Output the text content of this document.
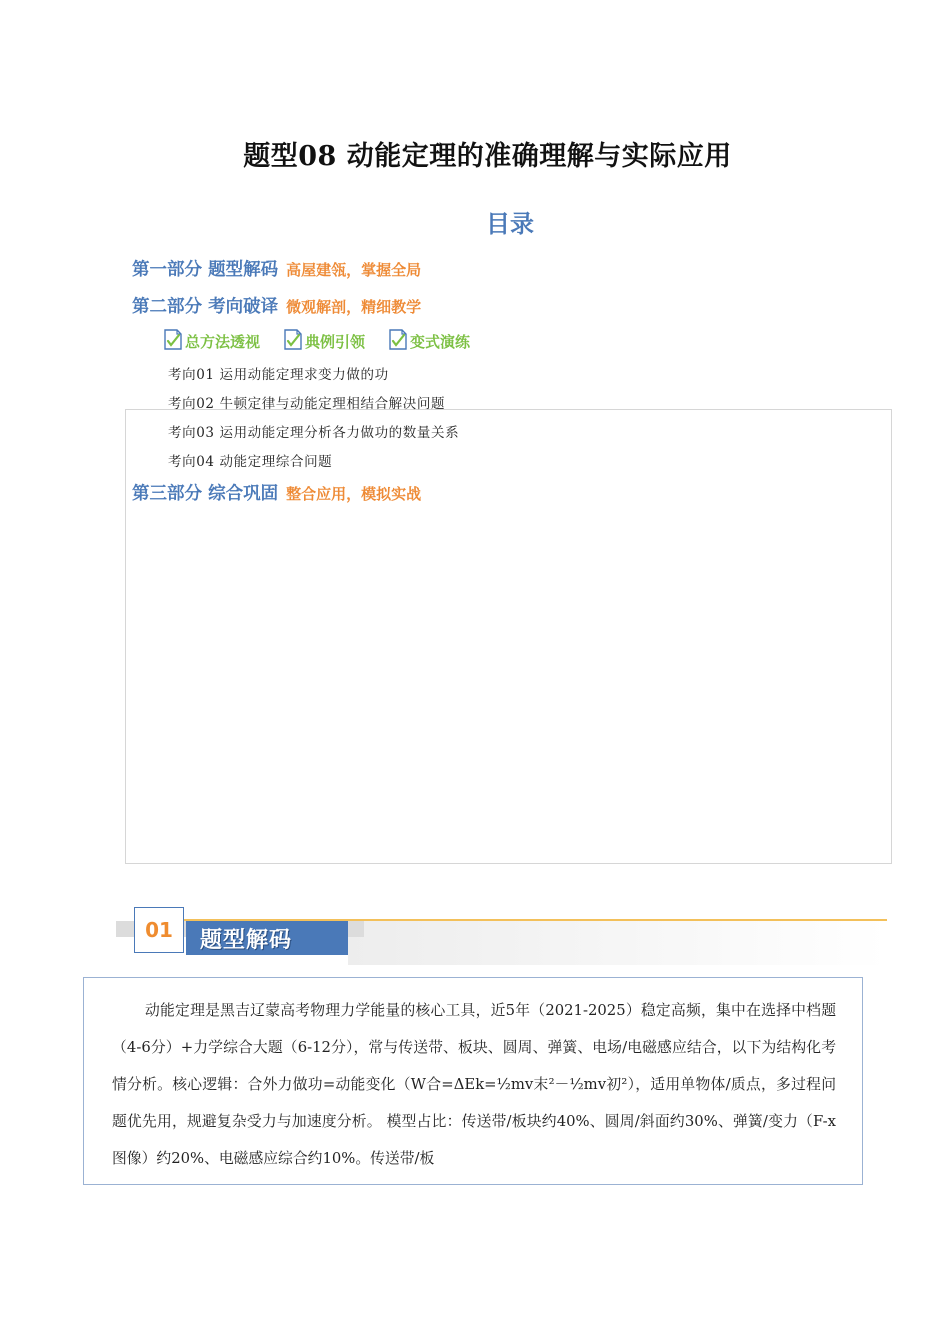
题型08 动能定理的准确理解与实际应用
目录
第一部分 题型解码 高屋建瓴，掌握全局
第二部分 考向破译 微观解剖，精细教学
总方法透视	典例引领	变式演练
考向01 运用动能定理求变力做的功
考向02 牛顿定律与动能定理相结合解决问题
考向03 运用动能定理分析各力做功的数量关系
考向04 动能定理综合问题
第三部分 综合巩固 整合应用，模拟实战
题型解码
01
动能定理是黑吉辽蒙高考物理力学能量的核心工具，近5年（2021-2025）稳定高频，集中在选择中档题（4-6分）+力学综合大题（6-12分），常与传送带、板块、圆周、弹簧、电场/电磁感应结合，以下为结构化考情分析。核心逻辑：合外力做功=动能变化（W合=ΔEk=½mv末²－½mv初²），适用单物体/质点，多过程问题优先用，规避复杂受力与加速度分析。 模型占比：传送带/板块约40%、圆周/斜面约30%、弹簧/变力（F-x图像）约20%、电磁感应综合约10%。传送带/板
